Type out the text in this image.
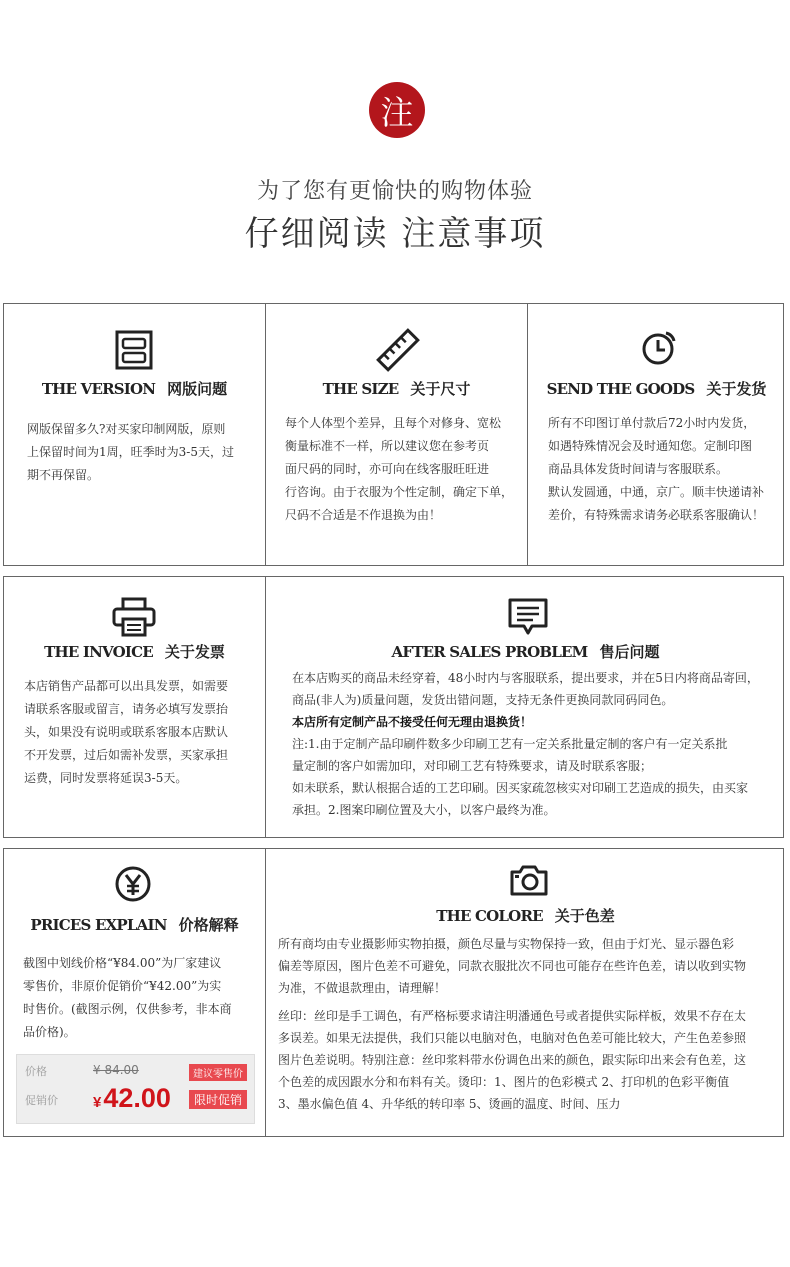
注
为了您有更愉快的购物体验
仔细阅读 注意事项
THE VERSION 网版问题

网版保留多久?对买家印制网版，原则

上保留时间为1周，旺季时为3-5天，过

期不再保留。

THE SIZE 关于尺寸

每个人体型个差异，且每个对修身、宽松

衡量标准不一样，所以建议您在参考页

面尺码的同时，亦可向在线客服旺旺进

行咨询。由于衣服为个性定制，确定下单，

尺码不合适是不作退换为由！

SEND THE GOODS 关于发货

所有不印图订单付款后72小时内发货，

如遇特殊情况会及时通知您。定制印图

商品具体发货时间请与客服联系。

默认发圆通，中通，京广。顺丰快递请补

差价，有特殊需求请务必联系客服确认！

THE INVOICE 关于发票

本店销售产品都可以出具发票，如需要

请联系客服或留言，请务必填写发票抬

头，如果没有说明或联系客服本店默认

不开发票，过后如需补发票，买家承担

运费，同时发票将延误3-5天。

AFTER SALES PROBLEM 售后问题

在本店购买的商品未经穿着，48小时内与客服联系，提出要求，并在5日内将商品寄回，

商品(非人为)质量问题，发货出错问题，支持无条件更换同款同码同色。

本店所有定制产品不接受任何无理由退换货！

注:1.由于定制产品印刷件数多少印刷工艺有一定关系批量定制的客户有一定关系批

量定制的客户如需加印，对印刷工艺有特殊要求，请及时联系客服；

如未联系，默认根据合适的工艺印刷。因买家疏忽核实对印刷工艺造成的损失，由买家

承担。2.图案印刷位置及大小，以客户最终为准。

PRICES EXPLAIN 价格解释

截图中划线价格“¥84.00”为厂家建议

零售价，非原价促销价“¥42.00”为实

时售价。(截图示例，仅供参考，非本商

品价格)。

价格	¥ 84.00	建议零售价
促销价 ¥42.00	限时促销
THE COLORE 关于色差

所有商均由专业摄影师实物拍摄，颜色尽量与实物保持一致，但由于灯光、显示器色彩

偏差等原因，图片色差不可避免，同款衣服批次不同也可能存在些许色差，请以收到实物

为准，不做退款理由，请理解！

丝印：丝印是手工调色，有严格标要求请注明潘通色号或者提供实际样板，效果不存在太

多误差。如果无法提供，我们只能以电脑对色，电脑对色色差可能比较大，产生色差参照

图片色差说明。特别注意：丝印浆料带水份调色出来的颜色，跟实际印出来会有色差，这

个色差的成因跟水分和布料有关。烫印：1、图片的色彩模式 2、打印机的色彩平衡值

3、墨水偏色值 4、升华纸的转印率 5、烫画的温度、时间、压力
